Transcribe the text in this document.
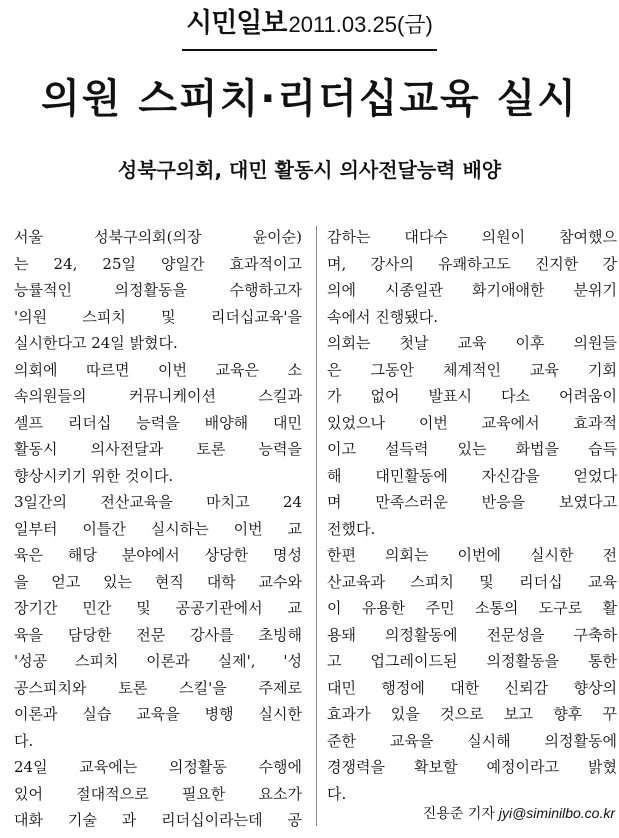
시민일보2011.03.25(금)
의원 스피치·리더십교육 실시
성북구의회, 대민 활동시 의사전달능력 배양
서울 성북구의회(의장 윤이순)
는 24, 25일 양일간 효과적이고
능률적인 의정활동을 수행하고자
'의원 스피치 및 리더십교육'을
실시한다고 24일 밝혔다.
의회에 따르면 이번 교육은 소
속의원들의 커뮤니케이션 스킬과
셀프 리더십 능력을 배양해 대민
활동시 의사전달과 토론 능력을
향상시키기 위한 것이다.
3일간의 전산교육을 마치고 24
일부터 이틀간 실시하는 이번 교
육은 해당 분야에서 상당한 명성
을 얻고 있는 현직 대학 교수와
장기간 민간 및 공공기관에서 교
육을 담당한 전문 강사를 초빙해
'성공 스피치 이론과 실제', '성
공스피치와 토론 스킬'을 주제로
이론과 실습 교육을 병행 실시한
다.
24일 교육에는 의정활동 수행에
있어 절대적으로 필요한 요소가
대화 기술 과 리더십이라는데 공
감하는 대다수 의원이 참여했으
며, 강사의 유쾌하고도 진지한 강
의에 시종일관 화기애애한 분위기
속에서 진행됐다.
의회는 첫날 교육 이후 의원들
은 그동안 체계적인 교육 기회
가 없어 발표시 다소 어려움이
있었으나 이번 교육에서 효과적
이고 설득력 있는 화법을 습득
해 대민활동에 자신감을 얻었다
며 만족스러운 반응을 보였다고
전했다.
한편 의회는 이번에 실시한 전
산교육과 스피치 및 리더십 교육
이 유용한 주민 소통의 도구로 활
용돼 의정활동에 전문성을 구축하
고 업그레이드된 의정활동을 통한
대민 행정에 대한 신뢰감 향상의
효과가 있을 것으로 보고 향후 꾸
준한 교육을 실시해 의정활동에
경쟁력을 확보할 예정이라고 밝혔
다.
진용준 기자 jyi@siminilbo.co.kr
